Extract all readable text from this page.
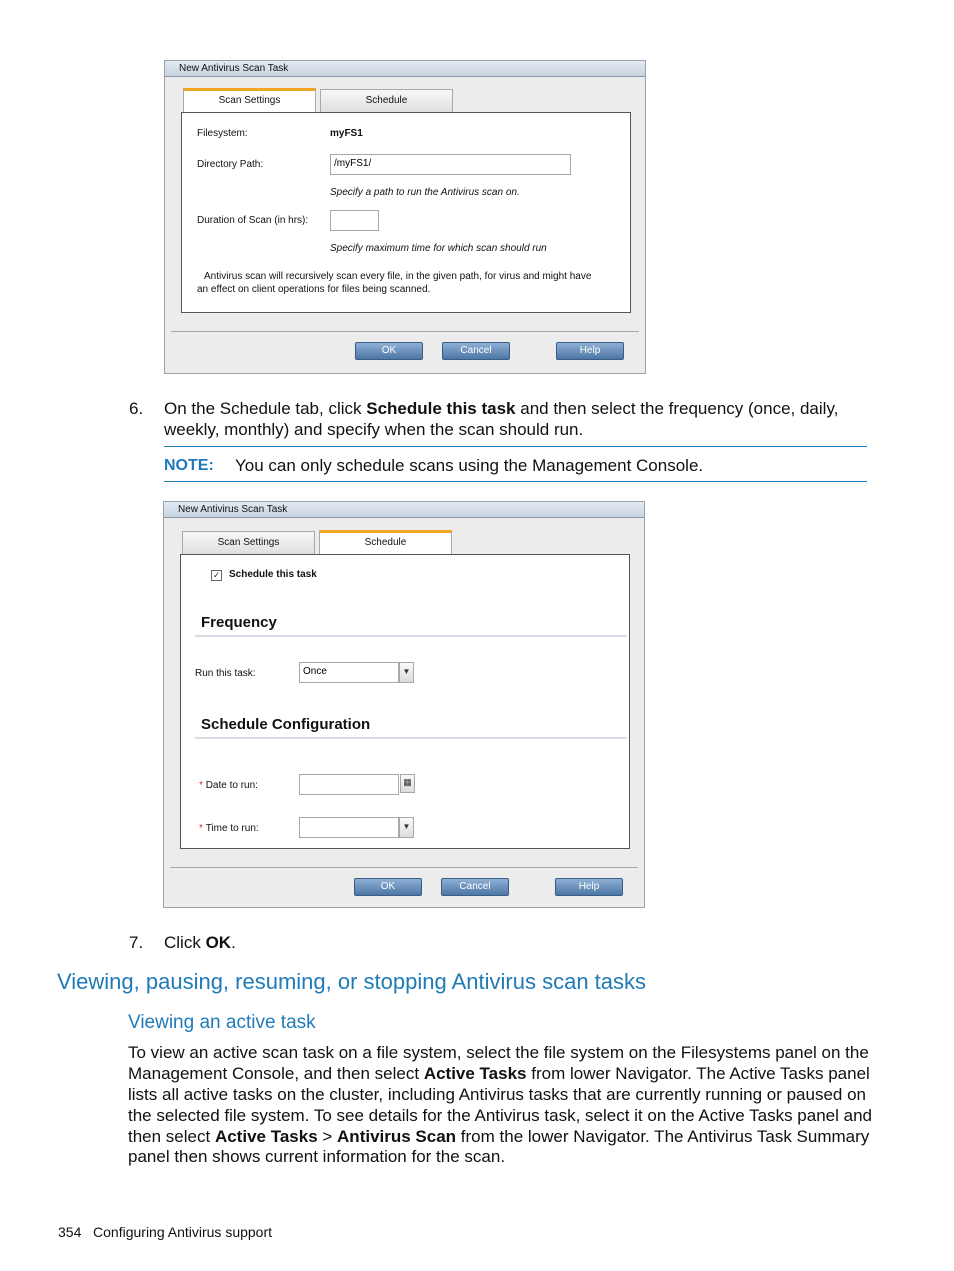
New Antivirus Scan Task
Scan Settings	Schedule
Filesystem:	myFS1
Directory Path:	/myFS1/
Specify a path to run the Antivirus scan on.
Duration of Scan (in hrs):
Specify maximum time for which scan should run
Antivirus scan will recursively scan every file, in the given path, for virus and might have
an effect on client operations for files being scanned.
OK	Cancel	Help
6. On the Schedule tab, click Schedule this task and then select the frequency (once, daily,
weekly, monthly) and specify when the scan should run.
NOTE: You can only schedule scans using the Management Console.
New Antivirus Scan Task
Scan Settings	Schedule
✓ Schedule this task
Frequency
Run this task:	Once	▼
Schedule Configuration
* Date to run:	▦
* Time to run:	▼
OK	Cancel	Help
7. Click OK.
Viewing, pausing, resuming, or stopping Antivirus scan tasks
Viewing an active task
To view an active scan task on a file system, select the file system on the Filesystems panel on the
Management Console, and then select Active Tasks from lower Navigator. The Active Tasks panel
lists all active tasks on the cluster, including Antivirus tasks that are currently running or paused on
the selected file system. To see details for the Antivirus task, select it on the Active Tasks panel and
then select Active Tasks > Antivirus Scan from the lower Navigator. The Antivirus Task Summary
panel then shows current information for the scan.
354 Configuring Antivirus support
